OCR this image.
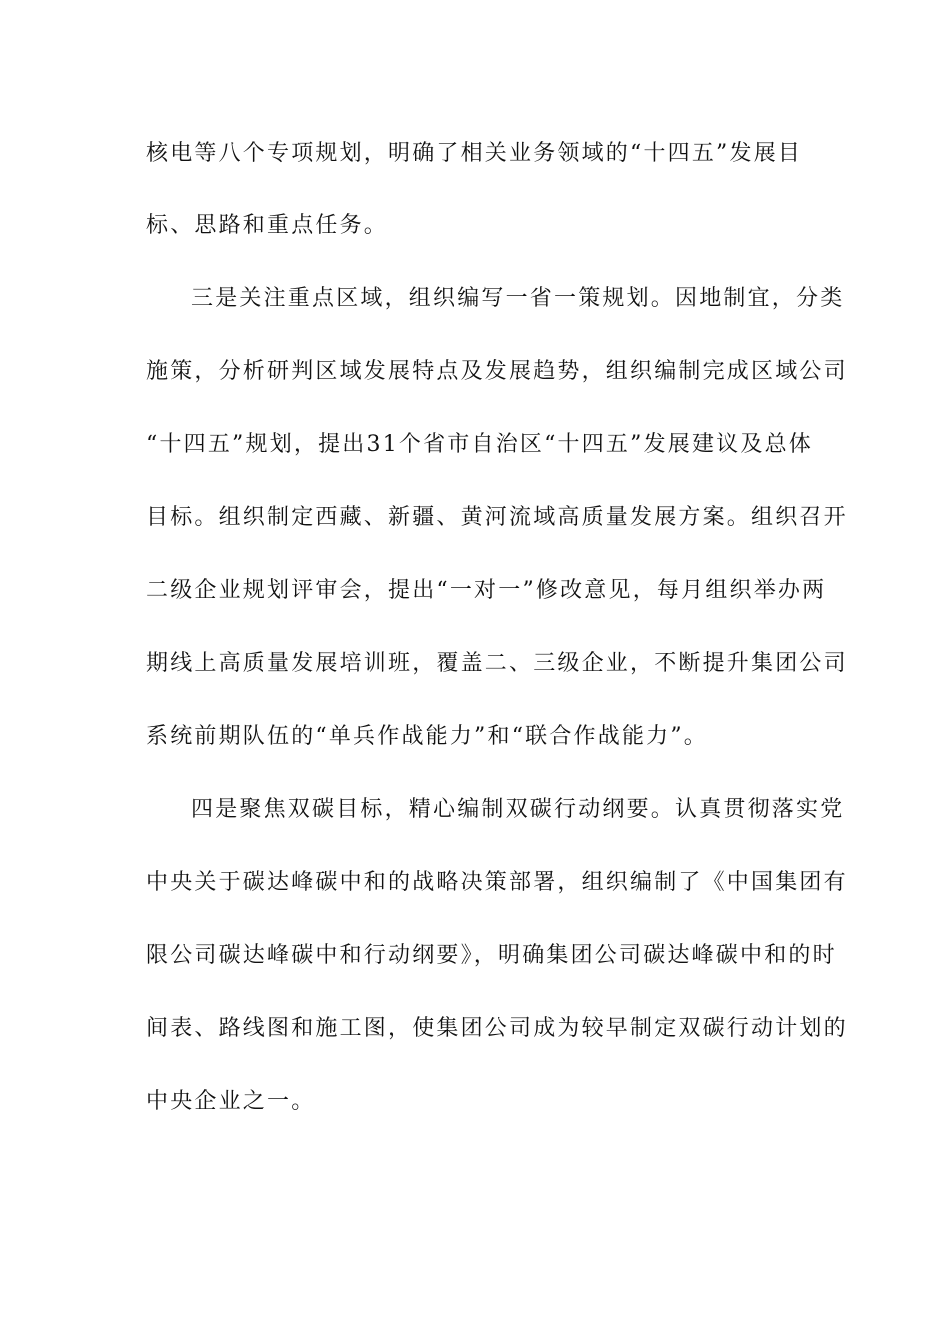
核电等八个专项规划，明确了相关业务领域的“十四五”发展目
标、思路和重点任务。
三是关注重点区域，组织编写一省一策规划。因地制宜，分类
施策，分析研判区域发展特点及发展趋势，组织编制完成区域公司
“十四五”规划，提出31个省市自治区“十四五”发展建议及总体
目标。组织制定西藏、新疆、黄河流域高质量发展方案。组织召开
二级企业规划评审会，提出“一对一”修改意见，每月组织举办两
期线上高质量发展培训班，覆盖二、三级企业，不断提升集团公司
系统前期队伍的“单兵作战能力”和“联合作战能力”。
四是聚焦双碳目标，精心编制双碳行动纲要。认真贯彻落实党
中央关于碳达峰碳中和的战略决策部署，组织编制了《中国集团有
限公司碳达峰碳中和行动纲要》，明确集团公司碳达峰碳中和的时
间表、路线图和施工图，使集团公司成为较早制定双碳行动计划的
中央企业之一。
